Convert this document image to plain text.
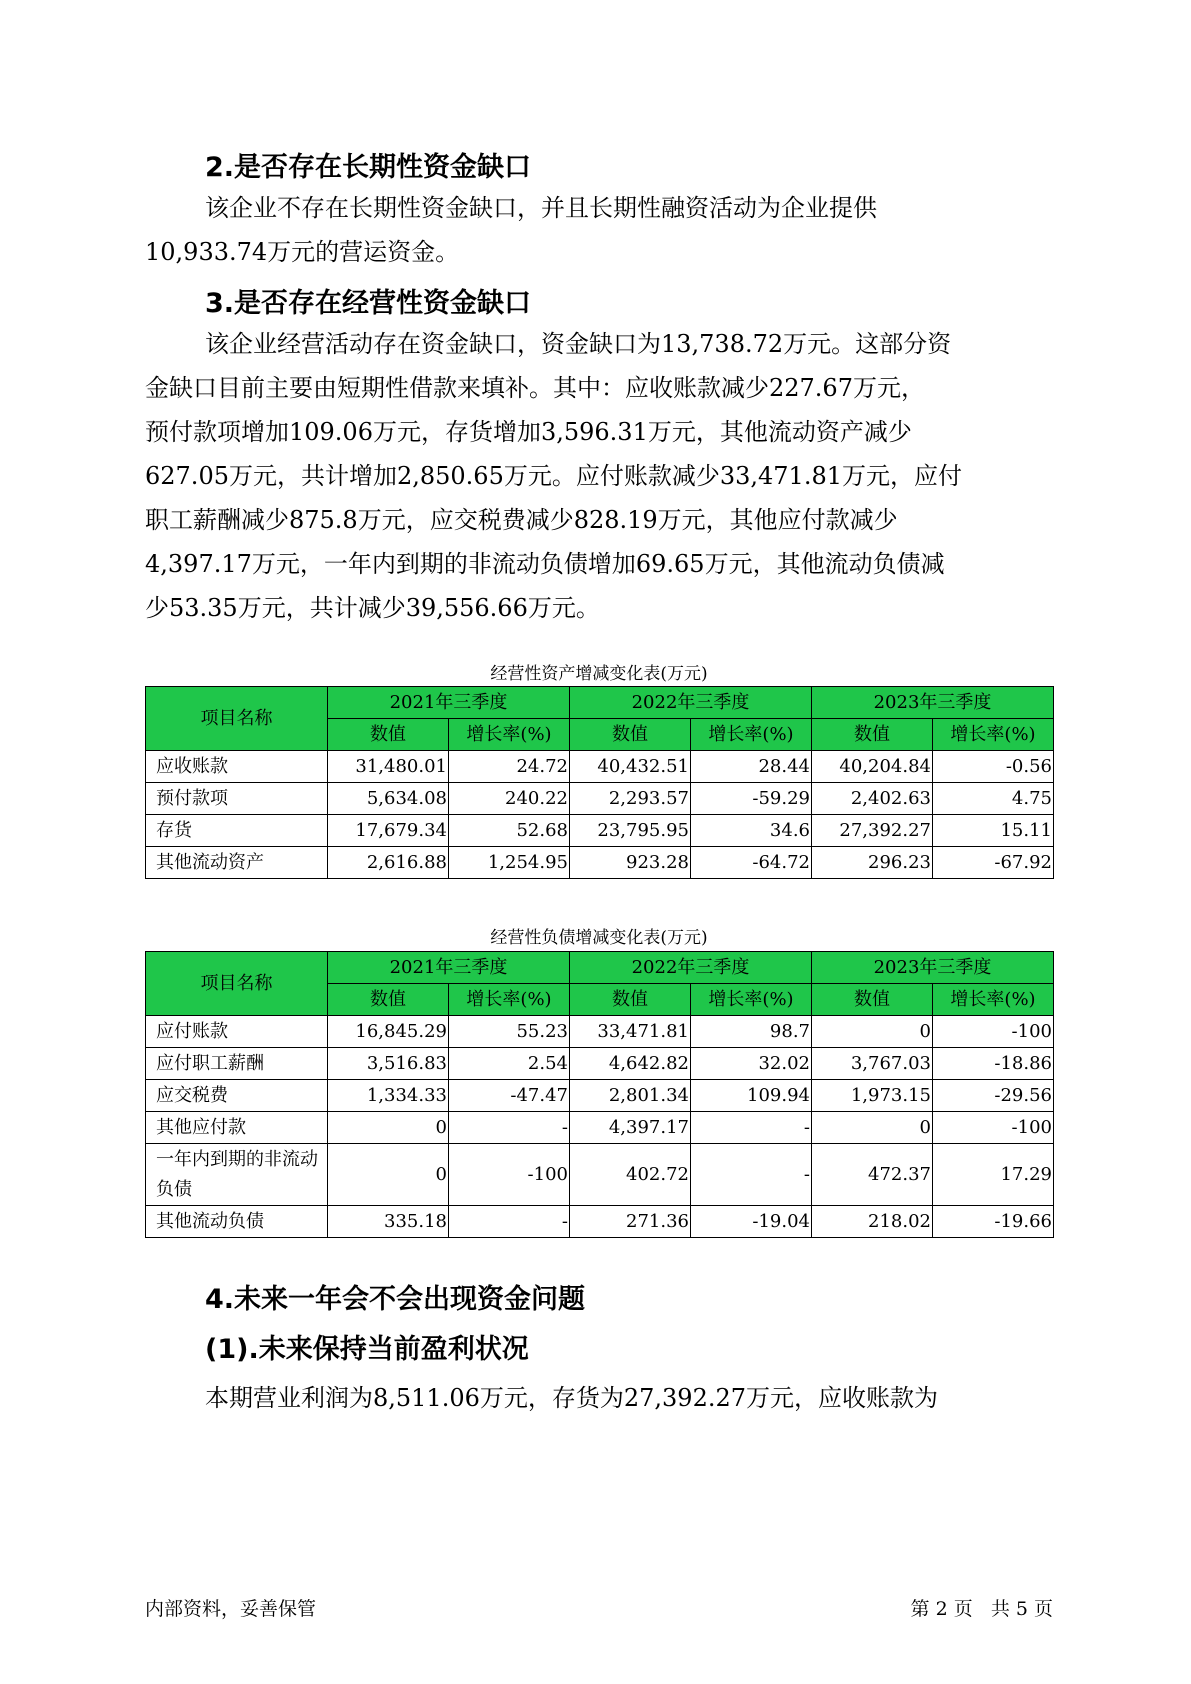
2.是否存在长期性资金缺口
该企业不存在长期性资金缺口，并且长期性融资活动为企业提供
10,933.74万元的营运资金。
3.是否存在经营性资金缺口
该企业经营活动存在资金缺口，资金缺口为13,738.72万元。这部分资
金缺口目前主要由短期性借款来填补。其中：应收账款减少227.67万元，
预付款项增加109.06万元，存货增加3,596.31万元，其他流动资产减少
627.05万元，共计增加2,850.65万元。应付账款减少33,471.81万元，应付
职工薪酬减少875.8万元，应交税费减少828.19万元，其他应付款减少
4,397.17万元，一年内到期的非流动负债增加69.65万元，其他流动负债减
少53.35万元，共计减少39,556.66万元。
经营性资产增减变化表(万元)
项目名称	2021年三季度		2022年三季度		2023年三季度	
	数值	增长率(%)	数值	增长率(%)	数值	增长率(%)
应收账款	31,480.01	24.72	40,432.51	28.44	40,204.84	-0.56
预付款项	5,634.08	240.22	2,293.57	-59.29	2,402.63	4.75
存货	17,679.34	52.68	23,795.95	34.6	27,392.27	15.11
其他流动资产	2,616.88	1,254.95	923.28	-64.72	296.23	-67.92
经营性负债增减变化表(万元)
项目名称	2021年三季度		2022年三季度		2023年三季度	
	数值	增长率(%)	数值	增长率(%)	数值	增长率(%)
应付账款	16,845.29	55.23	33,471.81	98.7	0	-100
应付职工薪酬	3,516.83	2.54	4,642.82	32.02	3,767.03	-18.86
应交税费	1,334.33	-47.47	2,801.34	109.94	1,973.15	-29.56
其他应付款	0	-	4,397.17	-	0	-100
一年内到期的非流动负债	0	-100	402.72	-	472.37	17.29
其他流动负债	335.18	-	271.36	-19.04	218.02	-19.66
4.未来一年会不会出现资金问题
(1).未来保持当前盈利状况
本期营业利润为8,511.06万元，存货为27,392.27万元，应收账款为
内部资料，妥善保管	第 2 页   共 5 页
